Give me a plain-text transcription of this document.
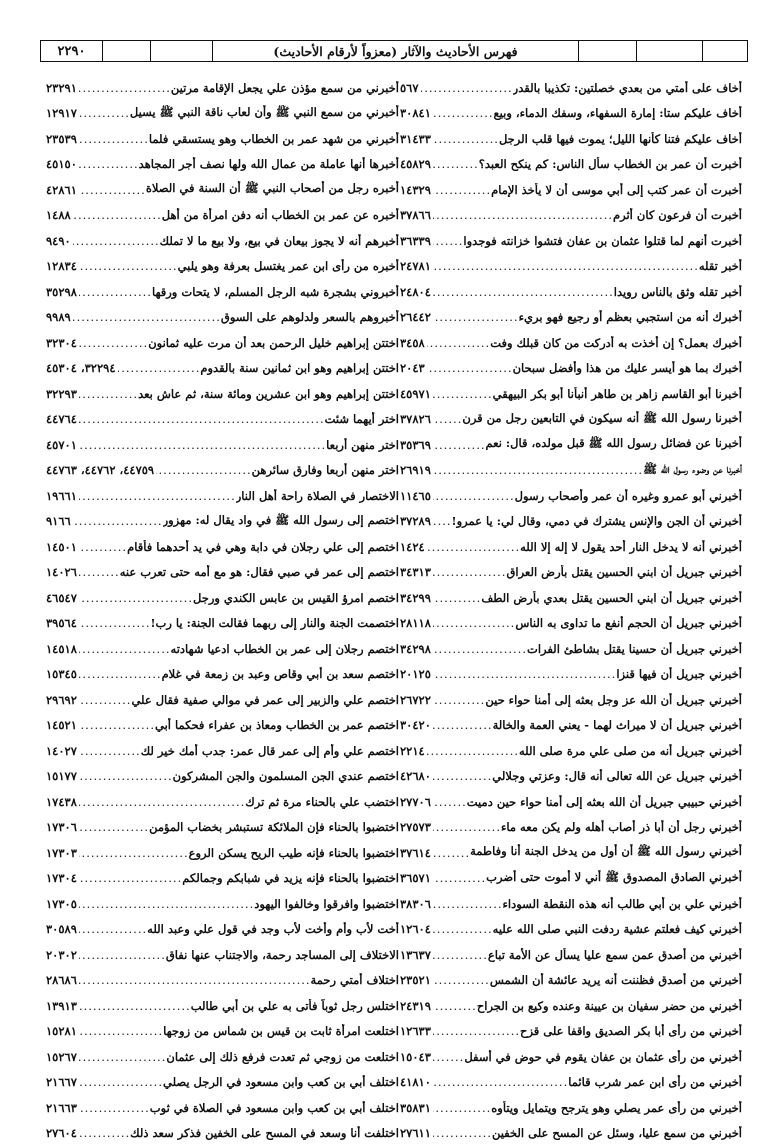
٢٢٩٠	فهرس الأحاديث والآثار (معزواً لأرقام الأحاديث)
أخاف على أمتي من بعدي خصلتين: تكذيبا بالقدر
.....
٥٦٧
أخاف عليكم ستا: إمارة السفهاء، وسفك الدماء، وبيع
.....
٣٠٨٤١
أخاف عليكم فتنا كأنها الليل؛ يموت فيها قلب الرجل
.....
٣١٤٣٣
أخبرت أن عمر بن الخطاب سأل الناس: كم ينكح العبد؟
.....
٤٥٨٢٩
أخبرت أن عمر كتب إلى أبي موسى أن لا يأخذ الإمام
.....
١٤٣٢٩
أخبرت أن فرعون كان أثرم
.....
٣٧٨٦٦
أخبرت أنهم لما قتلوا عثمان بن عفان فتشوا خزانته فوجدوا
.....
٣٦٣٣٩
أخبر تقله
.....
٢٤٧٨١
أخبر تقله وثق بالناس رويدا
.....
٢٤٨٠٤
أخبرك أنه من استجبي بعظم أو رجيع فهو بريء
.....
٢٦٤٤٢
أخبرك بعمل؟ إن أخذت به أدركت من كان قبلك وفت
.....
٣٤٥٨
أخبرك بما هو أيسر عليك من هذا وأفضل سبحان
.....
٢٠٤٣
أخبرنا أبو القاسم زاهر بن طاهر أنبأنا أبو بكر البيهقي
.....
٤٥٩٧١
أخبرنا رسول الله ﷺ أنه سيكون في التابعين رجل من قرن
.....
٣٧٨٢٦
أخبرنا عن فضائل رسول الله ﷺ قبل مولده، قال: نعم
.....
٣٥٣٦٩
أخبرنا عن وضوء رسول الله ﷺ
.....
٢٦٩١٩
أخبرني أبو عمرو وغيره أن عمر وأصحاب رسول
.....
١١٤٦٥
أخبرني أن الجن والإنس يشترك في دمي، وقال لي: يا عمرو!
.....
٣٧٢٨٩
أخبرني أنه لا يدخل النار أحد يقول لا إله إلا الله
.....
١٤٢٤
أخبرني جبريل أن ابني الحسين يقتل بأرض العراق
.....
٣٤٣١٣
أخبرني جبريل أن ابني الحسين يقتل بعدي بأرض الطف
.....
٣٤٢٩٩
أخبرني جبريل أن الحجم أنفع ما تداوى به الناس
.....
٢٨١١٨
أخبرني جبريل أن حسينا يقتل بشاطئ الفرات
.....
٣٤٢٩٨
أخبرني جبريل أن فيها قنزا
.....
٢٠١٢٥
أخبرني جبريل أن الله عز وجل بعثه إلى أمنا حواء حين
.....
٢٦٧٢٢
أخبرني جبريل أن لا ميراث لهما - يعني العمة والخالة
.....
٣٠٤٢٠
أخبرني جبريل أنه من صلى علي مرة صلى الله
.....
٢٢١٤
أخبرني جبريل عن الله تعالى أنه قال: وعزتي وجلالي
.....
٤٢٦٨٠
أخبرني حبيبي جبريل أن الله بعثه إلى أمنا حواء حين دميت
.....
٢٧٧٠٦
أخبرني رجل أن أبا ذر أصاب أهله ولم يكن معه ماء
.....
٢٧٥٧٣
أخبرني رسول الله ﷺ أن أول من يدخل الجنة أنا وفاطمة
.....
٣٧٦١٤
أخبرني الصادق المصدوق ﷺ أني لا أموت حتى أضرب
.....
٣٦٥٧١
أخبرني علي بن أبي طالب أنه هذه النقطة السوداء
.....
٣٨٣٠٦
أخبرني كيف فعلتم عشية ردفت النبي صلى الله عليه
.....
١٢٦٠٤
أخبرني من أصدق عمن سمع عليا يسأل عن الأمة تباع
.....
١٣٦٣٧
أخبرني من أصدق فظننت أنه يريد عائشة أن الشمس
.....
٢٣٥٢١
أخبرني من حضر سفيان بن عيينة وعنده وكيع بن الجراح
.....
٢٤٣١٩
أخبرني من رأى أبا بكر الصديق واقفا على قزح
.....
١٢٦٣٣
أخبرني من رأى عثمان بن عفان يقوم في حوض في أسفل
.....
١٥٠٤٣
أخبرني من رأى ابن عمر شرب قائما
.....
٤١٨١٠
أخبرني من رأى عمر يصلي وهو يترجح ويتمايل ويتأوه
.....
٣٥٨٣١
أخبرني من سمع عليا، وسئل عن المسح على الخفين
.....
٢٧٦١١
أخبرني من سمع مؤذن علي يجعل الإقامة مرتين
.....
٢٣٢٩١
أخبرني من سمع النبي ﷺ وأن لعاب ناقة النبي ﷺ يسيل
.....
١٢٩١٧
أخبرني من شهد عمر بن الخطاب وهو يستسقي فلما
.....
٢٣٥٣٩
أخبرها أنها عاملة من عمال الله ولها نصف أجر المجاهد
.....
٤٥١٥٠
أخبره رجل من أصحاب النبي ﷺ أن السنة في الصلاة
.....
٤٢٨٦١
أخبره عن عمر بن الخطاب أنه دفن امرأة من أهل
.....
١٤٨٨
أخبرهم أنه لا يجوز بيعان في بيع، ولا بيع ما لا تملك
.....
٩٤٩٠
أخبره من رأى ابن عمر يغتسل بعرفة وهو يلبي
.....
١٢٨٣٤
أخبروني بشجرة شبه الرجل المسلم، لا يتحات ورقها
.....
٣٥٢٩٨
أخبروهم بالسعر ولدلوهم على السوق
.....
٩٩٨٩
اختتن إبراهيم خليل الرحمن بعد أن مرت عليه ثمانون
.....
٣٢٣٠٤
اختتن إبراهيم وهو ابن ثمانين سنة بالقدوم
.....
٣٢٢٩٤، ٤٥٣٠٤
اختتن إبراهيم وهو ابن عشرين ومائة سنة، ثم عاش بعد
.....
٣٢٢٩٣
اختر أيهما شئت
.....
٤٤٧٦٤
اختر منهن أربعا
.....
٤٥٧٠١
اختر منهن أربعا وفارق سائرهن
.....
٤٤٧٥٩، ٤٤٧٦٢، ٤٤٧٦٣
الاختصار في الصلاة راحة أهل النار
.....
١٩٦٦١
اختصم إلى رسول الله ﷺ في واد يقال له: مهزور
.....
٩١٦٦
اختصم إلى علي رجلان في دابة وهي في يد أحدهما فأقام
.....
١٤٥٠١
اختصم إلى عمر في صبي فقال: هو مع أمه حتى تعرب عنه
.....
١٤٠٢٦
اختصم امرؤ القيس بن عابس الكندي ورجل
.....
٤٦٥٤٧
اختصمت الجنة والنار إلى ربهما فقالت الجنة: يا رب!
.....
٣٩٥٦٤
اختصم رجلان إلى عمر بن الخطاب ادعيا شهادته
.....
١٤٥١٨
اختصم سعد بن أبي وقاص وعبد بن زمعة في غلام
.....
١٥٣٤٥
اختصم علي والزبير إلى عمر في موالي صفية فقال علي
.....
٢٩٦٩٢
اختصم عمر بن الخطاب ومعاذ بن عفراء فحكما أبي
.....
١٤٥٢١
اختصم علي وأم إلى عمر قال عمر: جدب أمك خير لك
.....
١٤٠٢٧
اختصم عندي الجن المسلمون والجن المشركون
.....
١٥١٧٧
اختضب علي بالحناء مرة ثم ترك
.....
١٧٤٣٨
اختضبوا بالحناء فإن الملائكة تستبشر بخضاب المؤمن
.....
١٧٣٠٦
اختضبوا بالحناء فإنه طيب الريح يسكن الروع
.....
١٧٣٠٣
اختضبوا بالحناء فإنه يزيد في شبابكم وجمالكم
.....
١٧٣٠٤
اختضبوا وافرقوا وخالفوا اليهود
.....
١٧٣٠٥
أخت لأب وأم وأخت لأب وجد في قول علي وعبد الله
.....
٣٠٥٨٩
الاختلاف إلى المساجد رحمة، والاجتناب عنها نفاق
.....
٢٠٣٠٢
اختلاف أمتي رحمة
.....
٢٨٦٨٦
اختلس رجل ثوباً فأتى به علي بن أبي طالب
.....
١٣٩١٣
اختلعت امرأة ثابت بن قيس بن شماس من زوجها
.....
١٥٢٨١
اختلعت من زوجي ثم تعدت فرفع ذلك إلى عثمان
.....
١٥٢٦٧
اختلف أبي بن كعب وابن مسعود في الرجل يصلي
.....
٢١٦٦٧
اختلف أبي بن كعب وابن مسعود في الصلاة في ثوب
.....
٢١٦٦٣
اختلفت أنا وسعد في المسح على الخفين فذكر سعد ذلك
.....
٢٧٦٠٤
